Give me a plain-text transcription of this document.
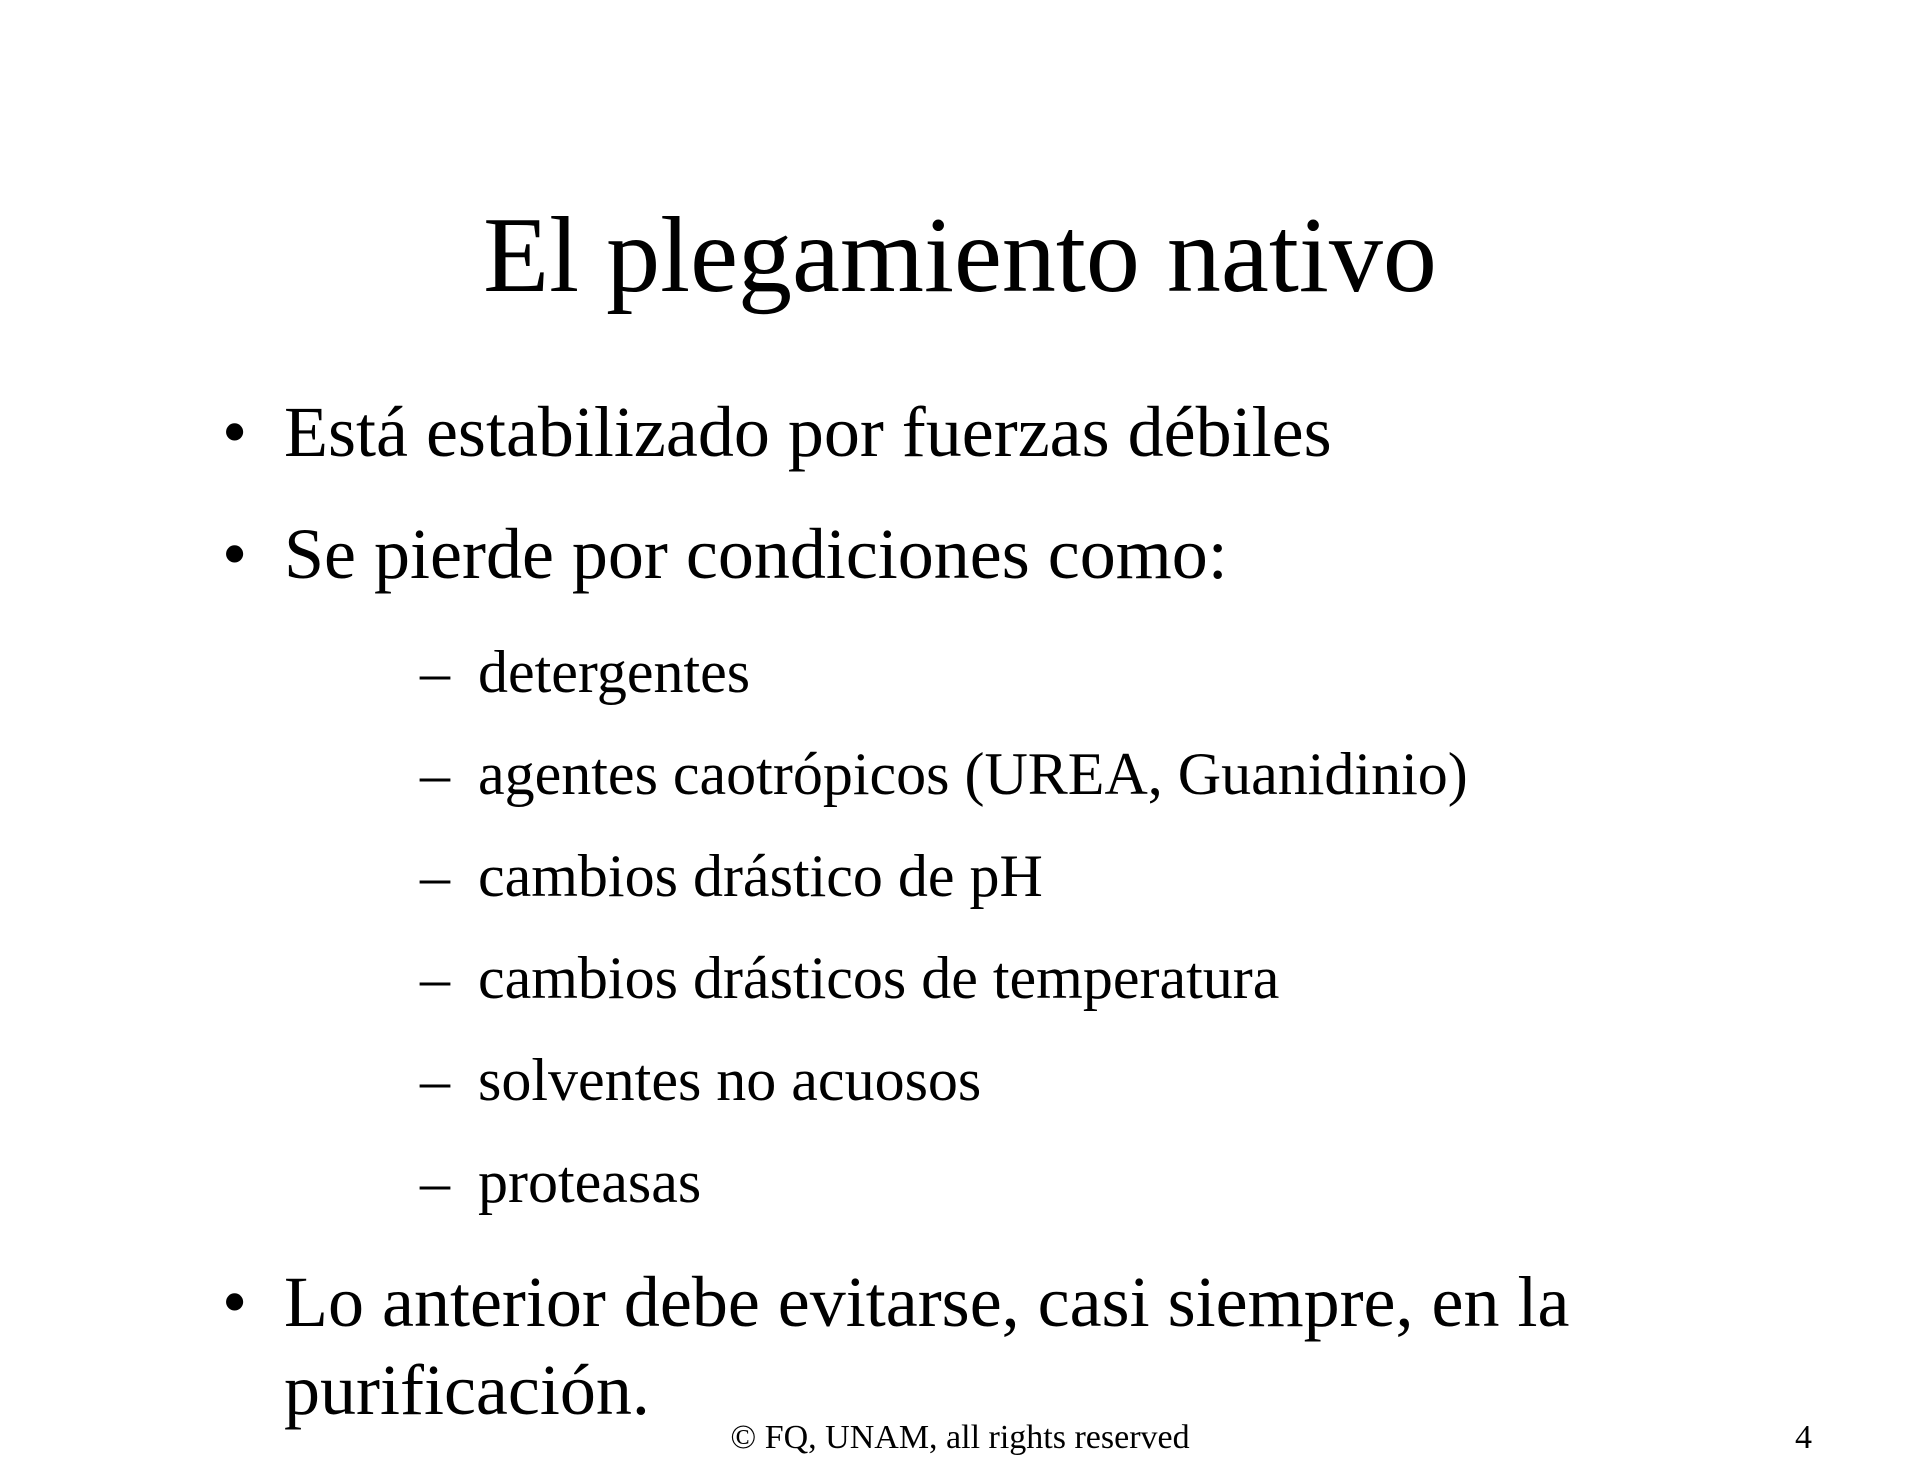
El plegamiento nativo
• Está estabilizado por fuerzas débiles
• Se pierde por condiciones como:
– detergentes
– agentes caotrópicos (UREA, Guanidinio)
– cambios drástico de pH
– cambios drásticos de temperatura
– solventes no acuosos
– proteasas
• Lo anterior debe evitarse, casi siempre, en la purificación.
© FQ, UNAM, all rights reserved	4
